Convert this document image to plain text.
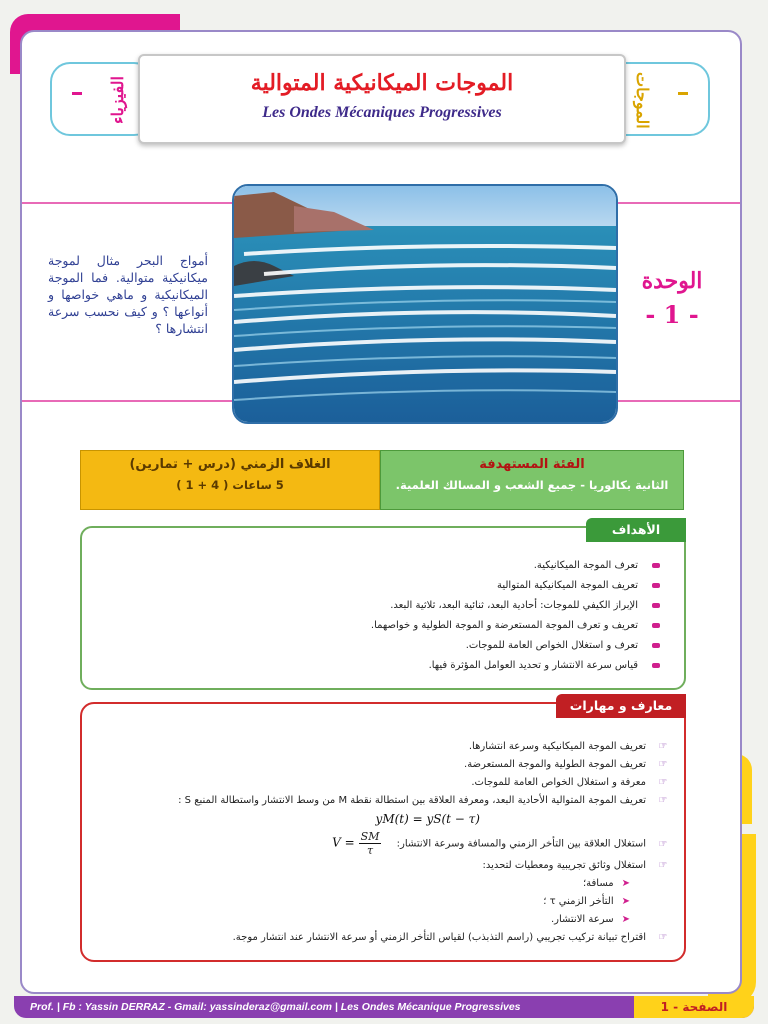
الفيزياء	الموجات
الموجات الميكانيكية المتوالية
Les Ondes Mécaniques Progressives
أمواج البحر مثال لموجة ميكانيكية متوالية. فما الموجة الميكانيكية و ماهي خواصها و أنواعها ؟ و كيف نحسب سرعة انتشارها ؟
الوحدة
- 1 -
الغلاف الزمني (درس + تمارين)
5 ساعات ( 4 + 1 )
الفئة المستهدفة
الثانية بكالوريا - جميع الشعب و المسالك العلمية.
الأهداف
تعرف الموجة الميكانيكية.
تعريف الموجة الميكانيكية المتوالية
الإبراز الكيفي للموجات: أحادية البعد، ثنائية البعد، ثلاثية البعد.
تعريف و تعرف الموجة المستعرضة و الموجة الطولية و خواصهما.
تعرف و استغلال الخواص العامة للموجات.
قياس سرعة الانتشار و تحديد العوامل المؤثرة فيها.
معارف و مهارات
☞تعريف الموجة الميكانيكية وسرعة انتشارها.
☞تعريف الموجة الطولية والموجة المستعرضة.
☞معرفة و استغلال الخواص العامة للموجات.
☞تعريف الموجة المتوالية الأحادية البعد، ومعرفة العلاقة بين استطالة نقطة M من وسط الانتشار واستطالة المنبع S :
yM(t) = yS(t − τ)
☞استغلال العلاقة بين التأخر الزمني والمسافة وسرعة الانتشار: $V = \frac{SM}{\tau}$
☞استغلال وثائق تجريبية ومعطيات لتحديد:
➤مسافة؛
➤التأخر الزمني τ ؛
➤سرعة الانتشار.
☞اقتراح تبيانة تركيب تجريبي (راسم التذبذب) لقياس التأخر الزمني أو سرعة الانتشار عند انتشار موجة.
Prof. | Fb : Yassin DERRAZ - Gmail: yassinderaz@gmail.com | Les Ondes Mécanique Progressives	الصفحة - 1
